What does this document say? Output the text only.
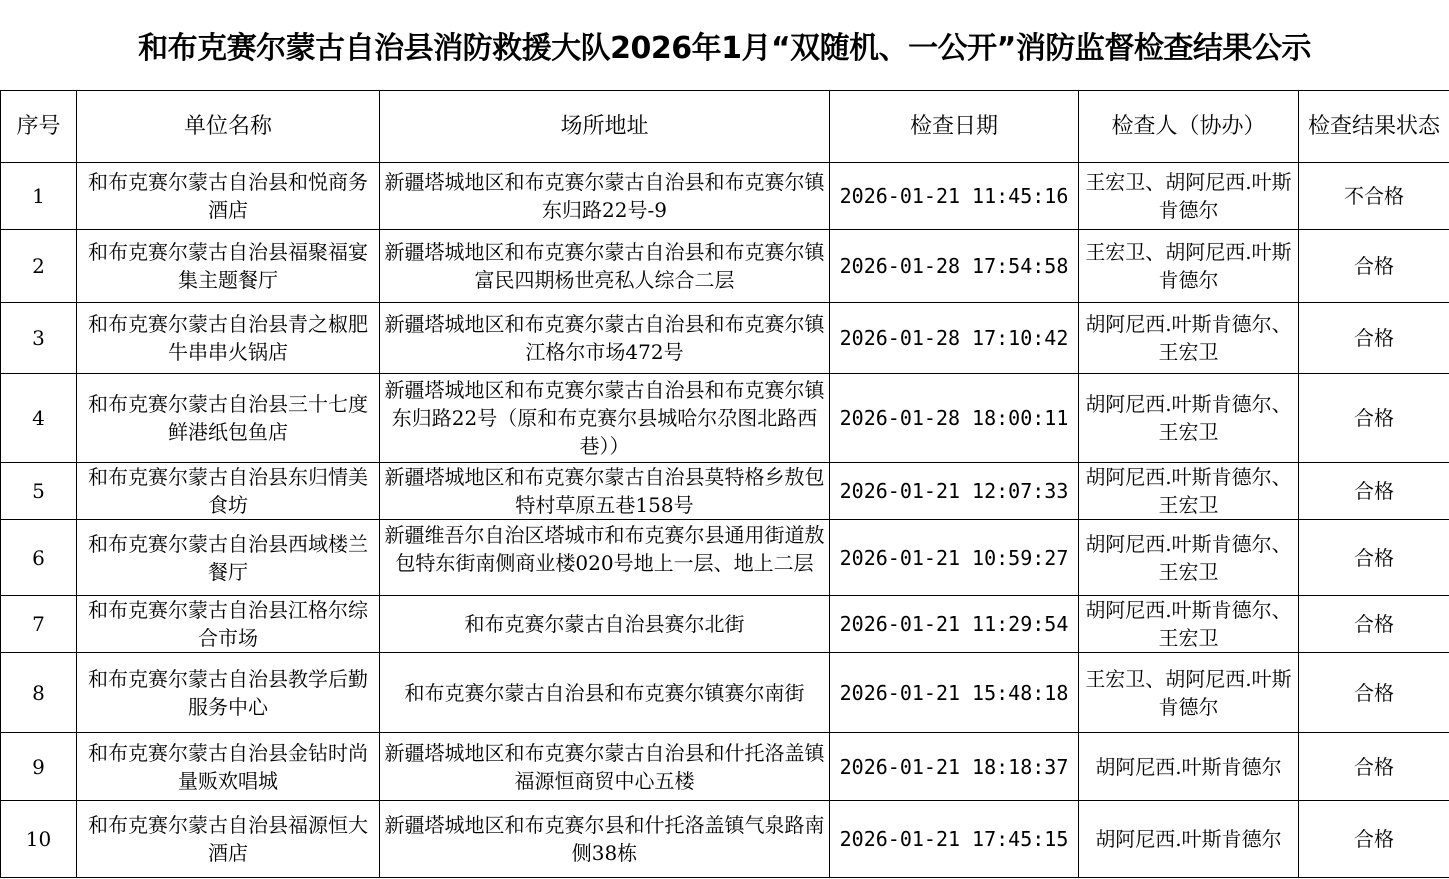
和布克赛尔蒙古自治县消防救援大队2026年1月“双随机、一公开”消防监督检查结果公示
序号	单位名称	场所地址	检查日期	检查人（协办）	检查结果状态
1	和布克赛尔蒙古自治县和悦商务酒店	新疆塔城地区和布克赛尔蒙古自治县和布克赛尔镇东归路22号-9	2026-01-21 11:45:16	王宏卫、胡阿尼西.叶斯肯德尔	不合格
2	和布克赛尔蒙古自治县福聚福宴集主题餐厅	新疆塔城地区和布克赛尔蒙古自治县和布克赛尔镇富民四期杨世亮私人综合二层	2026-01-28 17:54:58	王宏卫、胡阿尼西.叶斯肯德尔	合格
3	和布克赛尔蒙古自治县青之椒肥牛串串火锅店	新疆塔城地区和布克赛尔蒙古自治县和布克赛尔镇江格尔市场472号	2026-01-28 17:10:42	胡阿尼西.叶斯肯德尔、王宏卫	合格
4	和布克赛尔蒙古自治县三十七度鲜港纸包鱼店	新疆塔城地区和布克赛尔蒙古自治县和布克赛尔镇东归路22号（原和布克赛尔县城哈尔尕图北路西巷））	2026-01-28 18:00:11	胡阿尼西.叶斯肯德尔、王宏卫	合格
5	和布克赛尔蒙古自治县东归情美食坊	新疆塔城地区和布克赛尔蒙古自治县莫特格乡敖包特村草原五巷158号	2026-01-21 12:07:33	胡阿尼西.叶斯肯德尔、王宏卫	合格
6	和布克赛尔蒙古自治县西域楼兰餐厅	新疆维吾尔自治区塔城市和布克赛尔县通用街道敖包特东街南侧商业楼020号地上一层、地上二层	2026-01-21 10:59:27	胡阿尼西.叶斯肯德尔、王宏卫	合格
7	和布克赛尔蒙古自治县江格尔综合市场	和布克赛尔蒙古自治县赛尔北街	2026-01-21 11:29:54	胡阿尼西.叶斯肯德尔、王宏卫	合格
8	和布克赛尔蒙古自治县教学后勤服务中心	和布克赛尔蒙古自治县和布克赛尔镇赛尔南街	2026-01-21 15:48:18	王宏卫、胡阿尼西.叶斯肯德尔	合格
9	和布克赛尔蒙古自治县金钻时尚量贩欢唱城	新疆塔城地区和布克赛尔蒙古自治县和什托洛盖镇福源恒商贸中心五楼	2026-01-21 18:18:37	胡阿尼西.叶斯肯德尔	合格
10	和布克赛尔蒙古自治县福源恒大酒店	新疆塔城地区和布克赛尔县和什托洛盖镇气泉路南侧38栋	2026-01-21 17:45:15	胡阿尼西.叶斯肯德尔	合格
